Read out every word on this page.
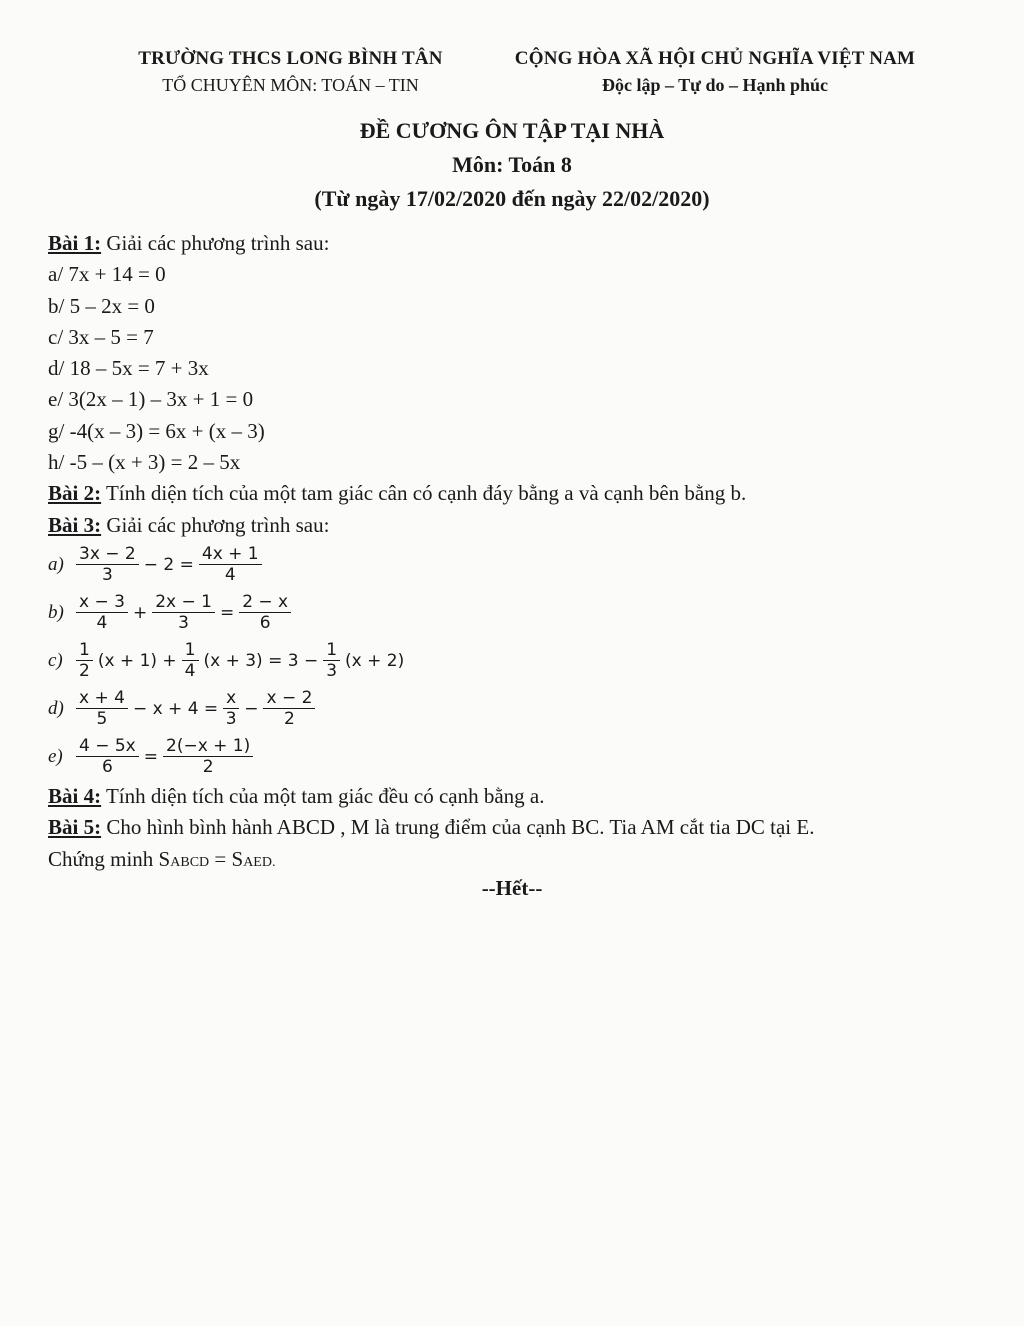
TRƯỜNG THCS LONG BÌNH TÂN
TỔ CHUYÊN MÔN: TOÁN – TIN
CỘNG HÒA XÃ HỘI CHỦ NGHĨA VIỆT NAM
Độc lập – Tự do – Hạnh phúc
ĐỀ CƯƠNG ÔN TẬP TẠI NHÀ
Môn: Toán 8
(Từ ngày 17/02/2020 đến ngày 22/02/2020)
Bài 1: Giải các phương trình sau:
a/ 7x + 14 = 0
b/ 5 – 2x = 0
c/ 3x – 5 = 7
d/ 18 – 5x = 7 + 3x
e/ 3(2x – 1) – 3x + 1 = 0
g/ -4(x – 3) = 6x + (x – 3)
h/ -5 – (x + 3) = 2 – 5x
Bài 2: Tính diện tích của một tam giác cân có cạnh đáy bằng a và cạnh bên bằng b.
Bài 3: Giải các phương trình sau:
$a) \frac{3x - 2}{3} - 2 = \frac{4x + 1}{4}$
$b) \frac{x - 3}{4} + \frac{2x - 1}{3} = \frac{2 - x}{6}$
$c) \frac{1}{2} (x + 1) + \frac{1}{4} (x + 3) = 3 - \frac{1}{3} (x + 2)$
$d) \frac{x + 4}{5} - x + 4 = \frac{x}{3} - \frac{x - 2}{2}$
$e) \frac{4 - 5x}{6} = \frac{2(-x + 1)}{2}$
Bài 4: Tính diện tích của một tam giác đều có cạnh bằng a.
Bài 5: Cho hình bình hành ABCD , M là trung điểm của cạnh BC. Tia AM cắt tia DC tại E.
Chứng minh SABCD = SAED.
--Hết--
